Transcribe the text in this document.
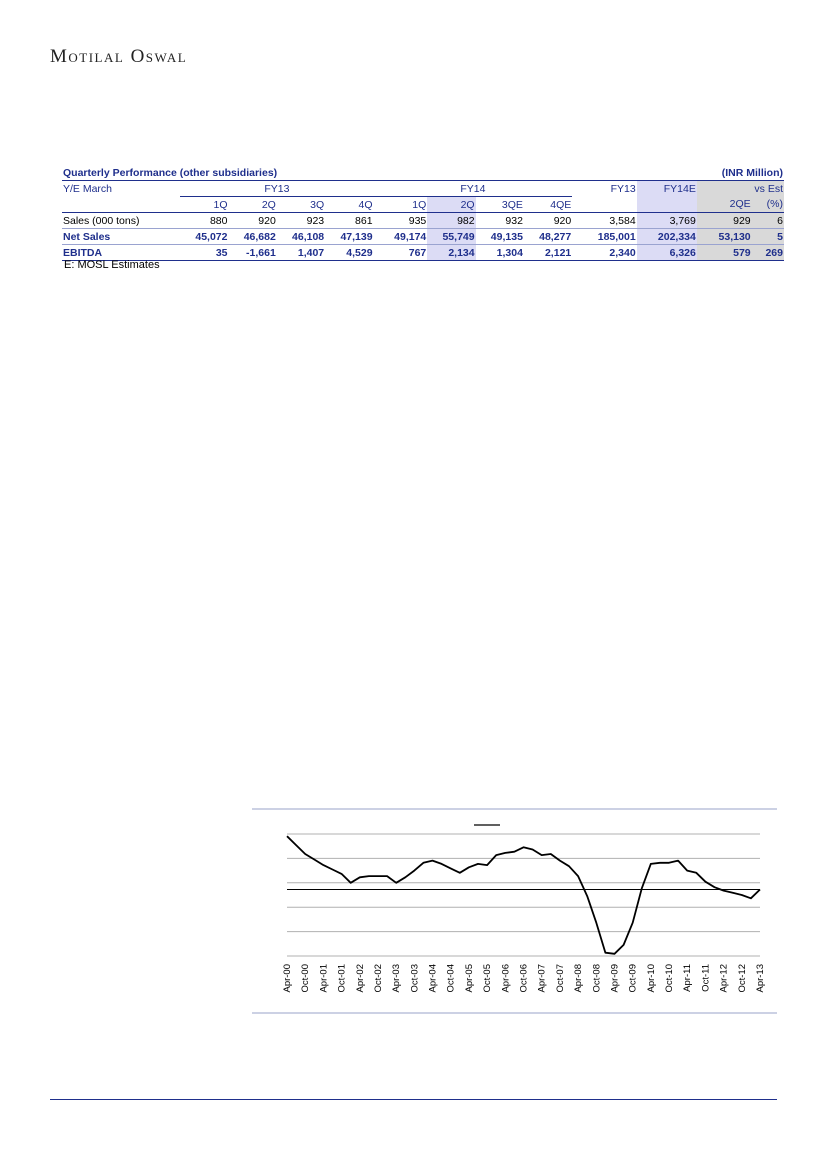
Motilal Oswal
Quarterly Performance (other subsidiaries)					(INR Million)							
Y/E March	FY13				FY14				FY13	FY14E	vs Est	
	1Q	2Q	3Q	4Q	1Q	2Q	3QE	4QE			2QE	(%)
Sales (000 tons)	880	920	923	861	935	982	932	920	3,584	3,769	929	6
Net Sales	45,072	46,682	46,108	47,139	49,174	55,749	49,135	48,277	185,001	202,334	53,130	5
EBITDA	35	-1,661	1,407	4,529	767	2,134	1,304	2,121	2,340	6,326	579	269
E: MOSL Estimates
Apr-00 Oct-00 Apr-01 Oct-01 Apr-02 Oct-02 Apr-03 Oct-03 Apr-04 Oct-04 Apr-05 Oct-05 Apr-06 Oct-06 Apr-07 Oct-07 Apr-08 Oct-08 Apr-09 Oct-09 Apr-10 Oct-10 Apr-11 Oct-11 Apr-12 Oct-12 Apr-13
